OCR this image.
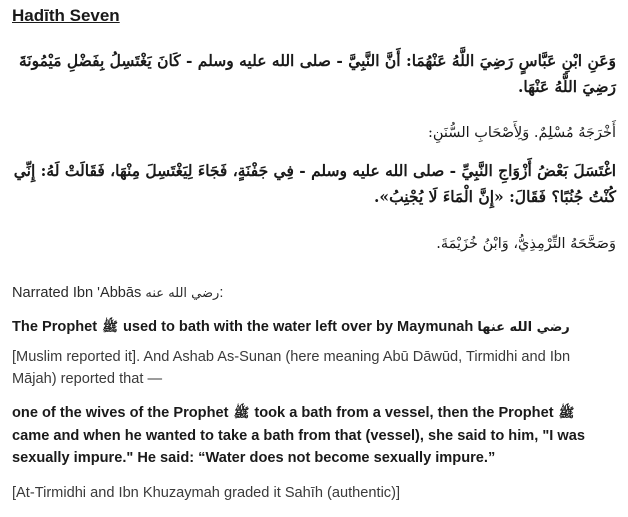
Hadīth Seven
وَعَنِ ابْنِ عَبَّاسٍ رَضِيَ اللَّهُ عَنْهُمَا: أَنَّ النَّبِيَّ - صلى الله عليه وسلم - كَانَ يَغْتَسِلُ بِفَضْلِ مَيْمُونَةَ رَضِيَ اللَّهُ عَنْهَا.
أَخْرَجَهُ مُسْلِمٌ. وَلِأَصْحَابِ السُّنَنِ:
اغْتَسَلَ بَعْضُ أَزْوَاجِ النَّبِيِّ - صلى الله عليه وسلم - فِي جَفْنَةٍ، فَجَاءَ لِيَغْتَسِلَ مِنْهَا، فَقَالَتْ لَهُ: إِنِّي كُنْتُ جُنُبًا؟ فَقَالَ: «إِنَّ الْمَاءَ لَا يُجْنِبُ».
وَصَحَّحَهُ التِّرْمِذِيُّ، وَابْنُ خُزَيْمَةَ.
Narrated Ibn 'Abbās رضي الله عنه:
The Prophet ﷺ used to bath with the water left over by Maymunah رضي الله عنها
[Muslim reported it]. And Ashab As-Sunan (here meaning Abū Dāwūd, Tirmidhi and Ibn Mājah) reported that —
one of the wives of the Prophet ﷺ took a bath from a vessel, then the Prophet ﷺ came and when he wanted to take a bath from that (vessel), she said to him, "I was sexually impure." He said: “Water does not become sexually impure.”
[At-Tirmidhi and Ibn Khuzaymah graded it Sahīh (authentic)]
